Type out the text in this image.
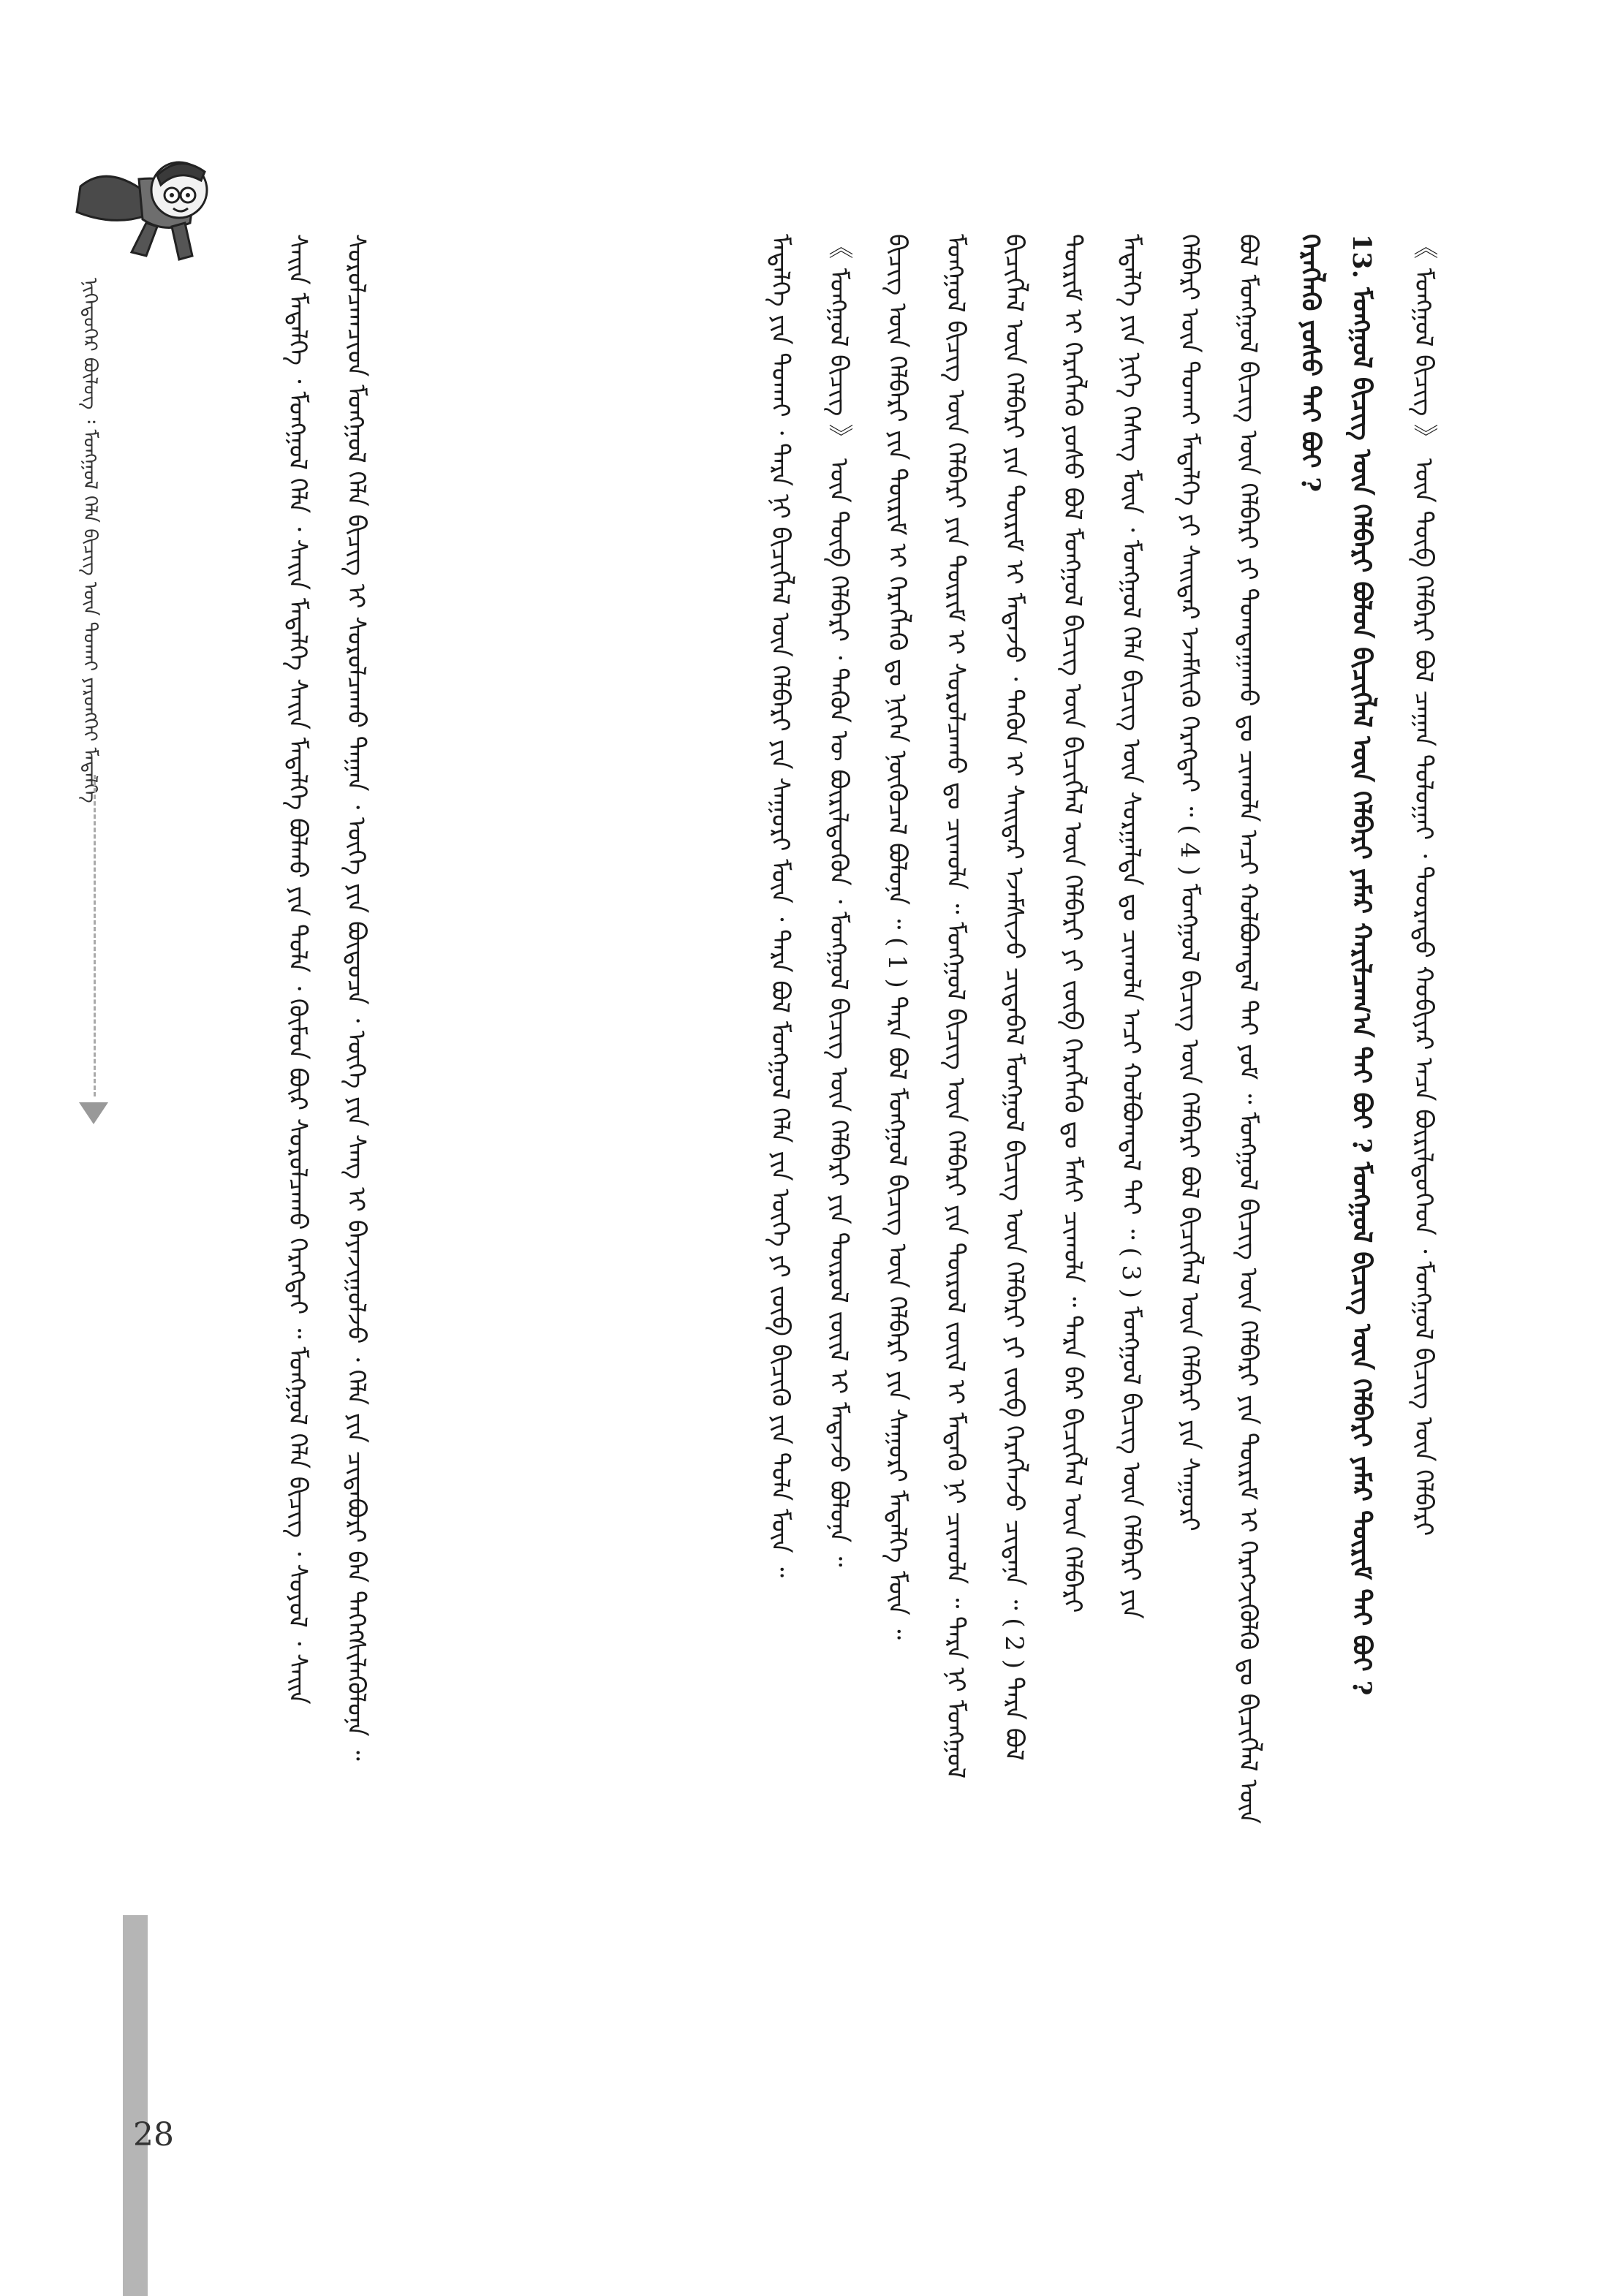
28
ᠨᠢᠭᠡᠳᠦᠭᠡᠷ ᠪᠦᠯᠦᠭ ᠄ ᠮᠣᠩᠭᠣᠯ ᠬᠡᠯᠡ ᠪᠢᠴᠢᠭ ᠦᠨ ᠲᠤᠬᠠᠢ ᠶᠡᠷᠦᠩᠬᠡᠢ ᠮᠡᠳᠡᠯᠭᠡ	《 ᠮᠣᠩᠭᠣᠯ ᠪᠢᠴᠢᠭ 》 ᠦᠨ ᠲᠦᠪ ᠬᠡᠯᠪᠡᠷᠢ ᠪᠣᠯ ᠴᠠᠭᠠᠨ ᠲᠣᠯᠣᠭᠠᠢ ᠂ ᠳᠣᠣᠷᠠᠳᠤ ᠬᠤᠪᠢᠶᠠᠷ ᠠᠴᠠ ᠪᠦᠷᠢᠯᠳᠦᠭᠡᠳ ᠂ ᠮᠣᠩᠭᠣᠯ ᠪᠢᠴᠢᠭ ᠦᠨ ᠬᠡᠯᠪᠡᠷᠢ
13. ᠮᠣᠩᠭᠣᠯ ᠪᠢᠴᠢᠭ ᠦᠨ ᠬᠡᠯᠪᠡᠷᠢ ᠪᠣᠯᠣᠨ ᠪᠢᠴᠢᠭᠯᠡᠯ ᠦᠨ ᠬᠡᠯᠪᠡᠷᠢ ᠶᠠᠮᠠᠷ ᠬᠠᠷᠢᠯᠴᠠᠭ᠎ᠠ ᠲᠠᠢ ᠪᠤᠢ ? ᠮᠣᠩᠭᠣᠯ ᠪᠢᠴᠢᠭ ᠦᠨ ᠬᠡᠯᠪᠡᠷᠢ ᠶᠠᠮᠠᠷ ᠳᠦᠷᠢᠮ ᠲᠠᠢ ᠪᠤᠢ ?
ᠬᠡᠷᠡᠭᠯᠡᠬᠦ ᠶᠣᠰᠣ ᠲᠠᠢ ᠪᠤᠢ ?
ᠪᠣᠯ ᠮᠣᠩᠭᠣᠯ ᠪᠢᠴᠢᠭ ᠦᠨ ᠬᠡᠯᠪᠡᠷᠢ ᠶᠢ ᠲᠣᠭᠲᠠᠭᠠᠬᠤ ᠳᠤ ᠴᠢᠬᠤᠯᠠ ᠠᠴᠢ ᠬᠣᠯᠪᠣᠭᠳᠠᠯ ᠲᠠᠢ ᠶᠤᠮ ᠃ ᠮᠣᠩᠭᠣᠯ ᠪᠢᠴᠢᠭ ᠦᠨ ᠬᠡᠯᠪᠡᠷᠢ ᠶᠢᠨ ᠳᠦᠷᠢᠮ ᠢ ᠬᠡᠷᠡᠭᠵᠢᠭᠦᠯᠬᠦ ᠳᠤ ᠪᠢᠴᠢᠭᠯᠡᠯ ᠦᠨ
ᠬᠡᠯᠪᠡᠷᠢ ᠦᠨ ᠲᠤᠬᠠᠢ ᠮᠡᠳᠡᠯᠭᠡ ᠶᠢ ᠰᠠᠢᠲᠠᠷ ᠡᠵᠡᠮᠰᠢᠬᠦ ᠬᠡᠷᠡᠭᠲᠡᠢ ᠃ ( 4 ) ᠮᠣᠩᠭᠣᠯ ᠪᠢᠴᠢᠭ ᠦᠨ ᠬᠡᠯᠪᠡᠷᠢ ᠪᠣᠯ ᠪᠢᠴᠢᠭᠯᠡᠯ ᠦᠨ ᠬᠡᠯᠪᠡᠷᠢ ᠶᠢᠨ ᠰᠠᠭᠤᠷᠢ
ᠮᠡᠳᠡᠯᠭᠡ ᠶᠢᠨ ᠨᠢᠭᠡ ᠬᠡᠰᠡᠭ ᠮᠥᠨ ᠂ ᠮᠣᠩᠭᠣᠯ ᠬᠡᠯᠡ ᠪᠢᠴᠢᠭ ᠦᠨ ᠰᠤᠷᠭᠠᠯᠲᠠ ᠳᠤ ᠴᠢᠬᠤᠯᠠ ᠠᠴᠢ ᠬᠣᠯᠪᠣᠭᠳᠠᠯ ᠲᠠᠢ ᠃ ( 3 ) ᠮᠣᠩᠭᠣᠯ ᠪᠢᠴᠢᠭ ᠦᠨ ᠬᠡᠯᠪᠡᠷᠢ ᠶᠢᠨ
ᠳᠦᠷᠢᠮ ᠢ ᠬᠡᠷᠡᠭᠯᠡᠬᠦ ᠶᠣᠰᠣ ᠪᠣᠯ ᠮᠣᠩᠭᠣᠯ ᠪᠢᠴᠢᠭ ᠦᠨ ᠪᠢᠴᠢᠭᠯᠡᠯ ᠦᠨ ᠬᠡᠯᠪᠡᠷᠢ ᠶᠢ ᠵᠥᠪ ᠬᠡᠷᠡᠭᠯᠡᠬᠦ ᠳᠤ ᠮᠠᠰᠢ ᠴᠢᠬᠤᠯᠠ ᠃ ᠲᠡᠷᠡ ᠪᠡᠷ ᠪᠢᠴᠢᠭᠯᠡᠯ ᠦᠨ ᠬᠡᠯᠪᠡᠷᠢ
ᠪᠢᠴᠢᠭᠯᠡᠯ ᠦᠨ ᠬᠡᠯᠪᠡᠷᠢ ᠶᠢᠨ ᠳᠦᠷᠢᠮ ᠢ ᠮᠡᠳᠡᠵᠦ ᠂ ᠲᠡᠭᠦᠨ ᠢ ᠰᠠᠢᠲᠠᠷ ᠡᠵᠡᠮᠰᠢᠵᠦ ᠴᠢᠳᠠᠪᠠᠯ ᠮᠣᠩᠭᠣᠯ ᠪᠢᠴᠢᠭ ᠦᠨ ᠬᠡᠯᠪᠡᠷᠢ ᠶᠢ ᠵᠥᠪ ᠬᠡᠷᠡᠭᠯᠡᠵᠦ ᠴᠢᠳᠠᠨᠠ ᠃ ( 2 ) ᠲᠡᠷᠡ ᠪᠣᠯ
ᠮᠣᠩᠭᠣᠯ ᠪᠢᠴᠢᠭ ᠦᠨ ᠬᠡᠯᠪᠡᠷᠢ ᠶᠢᠨ ᠳᠦᠷᠢᠮ ᠢ ᠰᠤᠷᠤᠯᠴᠠᠬᠤ ᠳᠤ ᠴᠢᠬᠤᠯᠠ ᠃ ᠮᠣᠩᠭᠣᠯ ᠪᠢᠴᠢᠭ ᠦᠨ ᠬᠡᠯᠪᠡᠷᠢ ᠶᠢᠨ ᠲᠥᠷᠥᠯ ᠵᠦᠢᠯ ᠢ ᠮᠡᠳᠡᠬᠦ ᠨᠢ ᠴᠢᠬᠤᠯᠠ ᠃ ᠲᠡᠷᠡ ᠨᠢ ᠮᠣᠩᠭᠣᠯ
ᠪᠢᠴᠢᠭ ᠦᠨ ᠬᠡᠯᠪᠡᠷᠢ ᠶᠢᠨ ᠳᠦᠷᠢᠮ ᠢ ᠬᠡᠷᠡᠭᠯᠡᠬᠦ ᠳᠤ ᠨᠢᠭᠡᠨ ᠨᠥᠬᠦᠴᠡᠯ ᠪᠣᠯᠣᠨᠠ ᠃ ( 1 ) ᠲᠡᠷᠡ ᠪᠣᠯ ᠮᠣᠩᠭᠣᠯ ᠪᠢᠴᠢᠭ ᠦᠨ ᠬᠡᠯᠪᠡᠷᠢ ᠶᠢᠨ ᠰᠠᠭᠤᠷᠢ ᠮᠡᠳᠡᠯᠭᠡ ᠮᠥᠨ ᠃
《 ᠮᠣᠩᠭᠣᠯ ᠪᠢᠴᠢᠭ 》 ᠦᠨ ᠲᠦᠪ ᠬᠡᠯᠪᠡᠷᠢ ᠂ ᠲᠡᠭᠦᠨ ᠦ ᠪᠦᠷᠢᠯᠳᠦᠬᠦᠨ ᠂ ᠮᠣᠩᠭᠣᠯ ᠪᠢᠴᠢᠭ ᠦᠨ ᠬᠡᠯᠪᠡᠷᠢ ᠶᠢᠨ ᠲᠥᠷᠥᠯ ᠵᠦᠢᠯ ᠢ ᠮᠡᠳᠡᠵᠦ ᠪᠣᠯᠣᠨᠠ ᠃
ᠮᠡᠳᠡᠯᠭᠡ ᠶᠢᠨ ᠲᠤᠬᠠᠢ ᠂ ᠲᠡᠷᠡ ᠨᠢ ᠪᠢᠴᠢᠭᠯᠡᠯ ᠦᠨ ᠬᠡᠯᠪᠡᠷᠢ ᠶᠢᠨ ᠰᠠᠭᠤᠷᠢ ᠮᠥᠨ ᠂ ᠲᠡᠷᠡ ᠪᠣᠯ ᠮᠣᠩᠭᠣᠯ ᠬᠡᠯᠡ ᠶᠢᠨ ᠦᠭᠡ ᠶᠢ ᠵᠥᠪ ᠪᠢᠴᠢᠬᠦ ᠶᠢᠨ ᠲᠤᠯᠠ ᠮᠥᠨ ᠃
ᠰᠤᠷᠤᠯᠴᠠᠭᠴᠢᠳ ᠮᠣᠩᠭᠣᠯ ᠬᠡᠯᠡ ᠪᠢᠴᠢᠭ ᠢ ᠰᠤᠷᠤᠯᠴᠠᠬᠤ ᠳᠠᠭᠠᠨ ᠂ ᠦᠭᠡ ᠶᠢᠨ ᠪᠦᠲᠦᠴᠡ ᠂ ᠦᠭᠡ ᠶᠢᠨ ᠰᠠᠩ ᠢ ᠪᠠᠶᠠᠵᠢᠭᠤᠯᠵᠤ ᠂ ᠬᠡᠯᠡ ᠶᠢᠨ ᠴᠢᠳᠠᠪᠤᠷᠢ ᠪᠠᠨ ᠳᠡᠭᠡᠭᠰᠢᠯᠡᠭᠦᠯᠦᠨᠡ ᠃
ᠰᠠᠢᠨ ᠮᠡᠳᠡᠯᠭᠡ ᠂ ᠮᠣᠩᠭᠣᠯ ᠬᠡᠯᠡ ᠂ ᠰᠠᠢᠨ ᠮᠡᠳᠡᠯᠭᠡ ᠰᠠᠢᠨ ᠮᠡᠳᠡᠯᠭᠡ ᠪᠣᠯᠬᠤ ᠶᠢᠨ ᠲᠤᠯᠠ ᠂ ᠬᠦᠮᠦᠨ ᠪᠦᠷ ᠰᠤᠷᠤᠯᠴᠠᠬᠤ ᠬᠡᠷᠡᠭᠲᠡᠢ ᠃ ᠮᠣᠩᠭᠣᠯ ᠬᠡᠯᠡ ᠪᠢᠴᠢᠭ ᠂ ᠰᠣᠶᠤᠯ ᠂ ᠰᠠᠢᠨ
